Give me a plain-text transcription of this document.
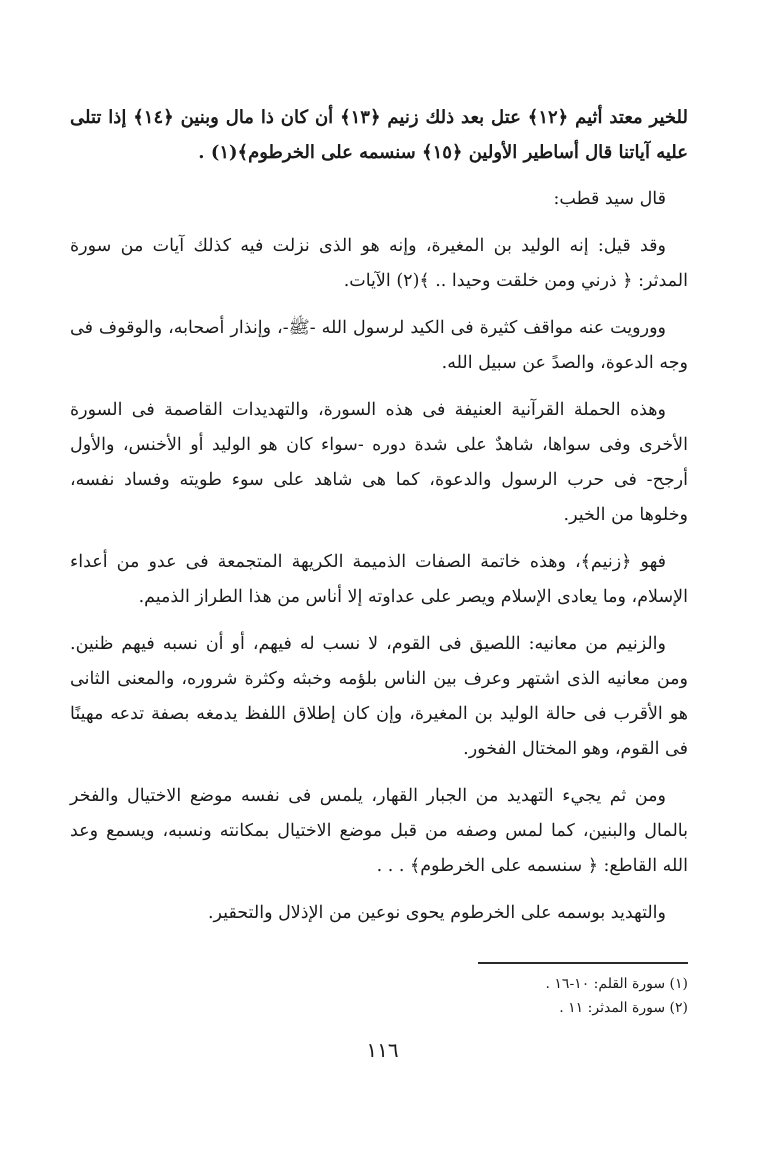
للخير معتد أثيم ﴿١٢﴾ عتل بعد ذلك زنيم ﴿١٣﴾ أن كان ذا مال وبنين ﴿١٤﴾ إذا تتلى عليه آياتنا قال أساطير الأولين ﴿١٥﴾ سنسمه على الخرطوم﴾(١) .

قال سيد قطب:

وقد قيل: إنه الوليد بن المغيرة، وإنه هو الذى نزلت فيه كذلك آيات من سورة المدثر: ﴿ ذرني ومن خلقت وحيدا .. ﴾(٢) الآيات.

وورويت عنه مواقف كثيرة فى الكيد لرسول الله -ﷺ-، وإنذار أصحابه، والوقوف فى وجه الدعوة، والصدً عن سبيل الله.

وهذه الحملة القرآنية العنيفة فى هذه السورة، والتهديدات القاصمة فى السورة الأخرى وفى سواها، شاهدٌ على شدة دوره -سواء كان هو الوليد أو الأخنس، والأول أرجح- فى حرب الرسول والدعوة، كما هى شاهد على سوء طويته وفساد نفسه، وخلوها من الخير.

فهو ﴿زنيم﴾، وهذه خاتمة الصفات الذميمة الكريهة المتجمعة فى عدو من أعداء الإسلام، وما يعادى الإسلام ويصر على عداوته إلا أناس من هذا الطراز الذميم.

والزنيم من معانيه: اللصيق فى القوم، لا نسب له فيهم، أو أن نسبه فيهم ظنين. ومن معانيه الذى اشتهر وعرف بين الناس بلؤمه وخبثه وكثرة شروره، والمعنى الثانى هو الأقرب فى حالة الوليد بن المغيرة، وإن كان إطلاق اللفظ يدمغه بصفة تدعه مهينًا فى القوم، وهو المختال الفخور.

ومن ثم يجيء التهديد من الجبار القهار، يلمس فى نفسه موضع الاختيال والفخر بالمال والبنين، كما لمس وصفه من قبل موضع الاختيال بمكانته ونسبه، ويسمع وعد الله القاطع: ﴿ سنسمه على الخرطوم﴾ . . .

والتهديد بوسمه على الخرطوم يحوى نوعين من الإذلال والتحقير.

(١) سورة القلم: ١٠-١٦ .
(٢) سورة المدثر: ١١ .
١١٦
